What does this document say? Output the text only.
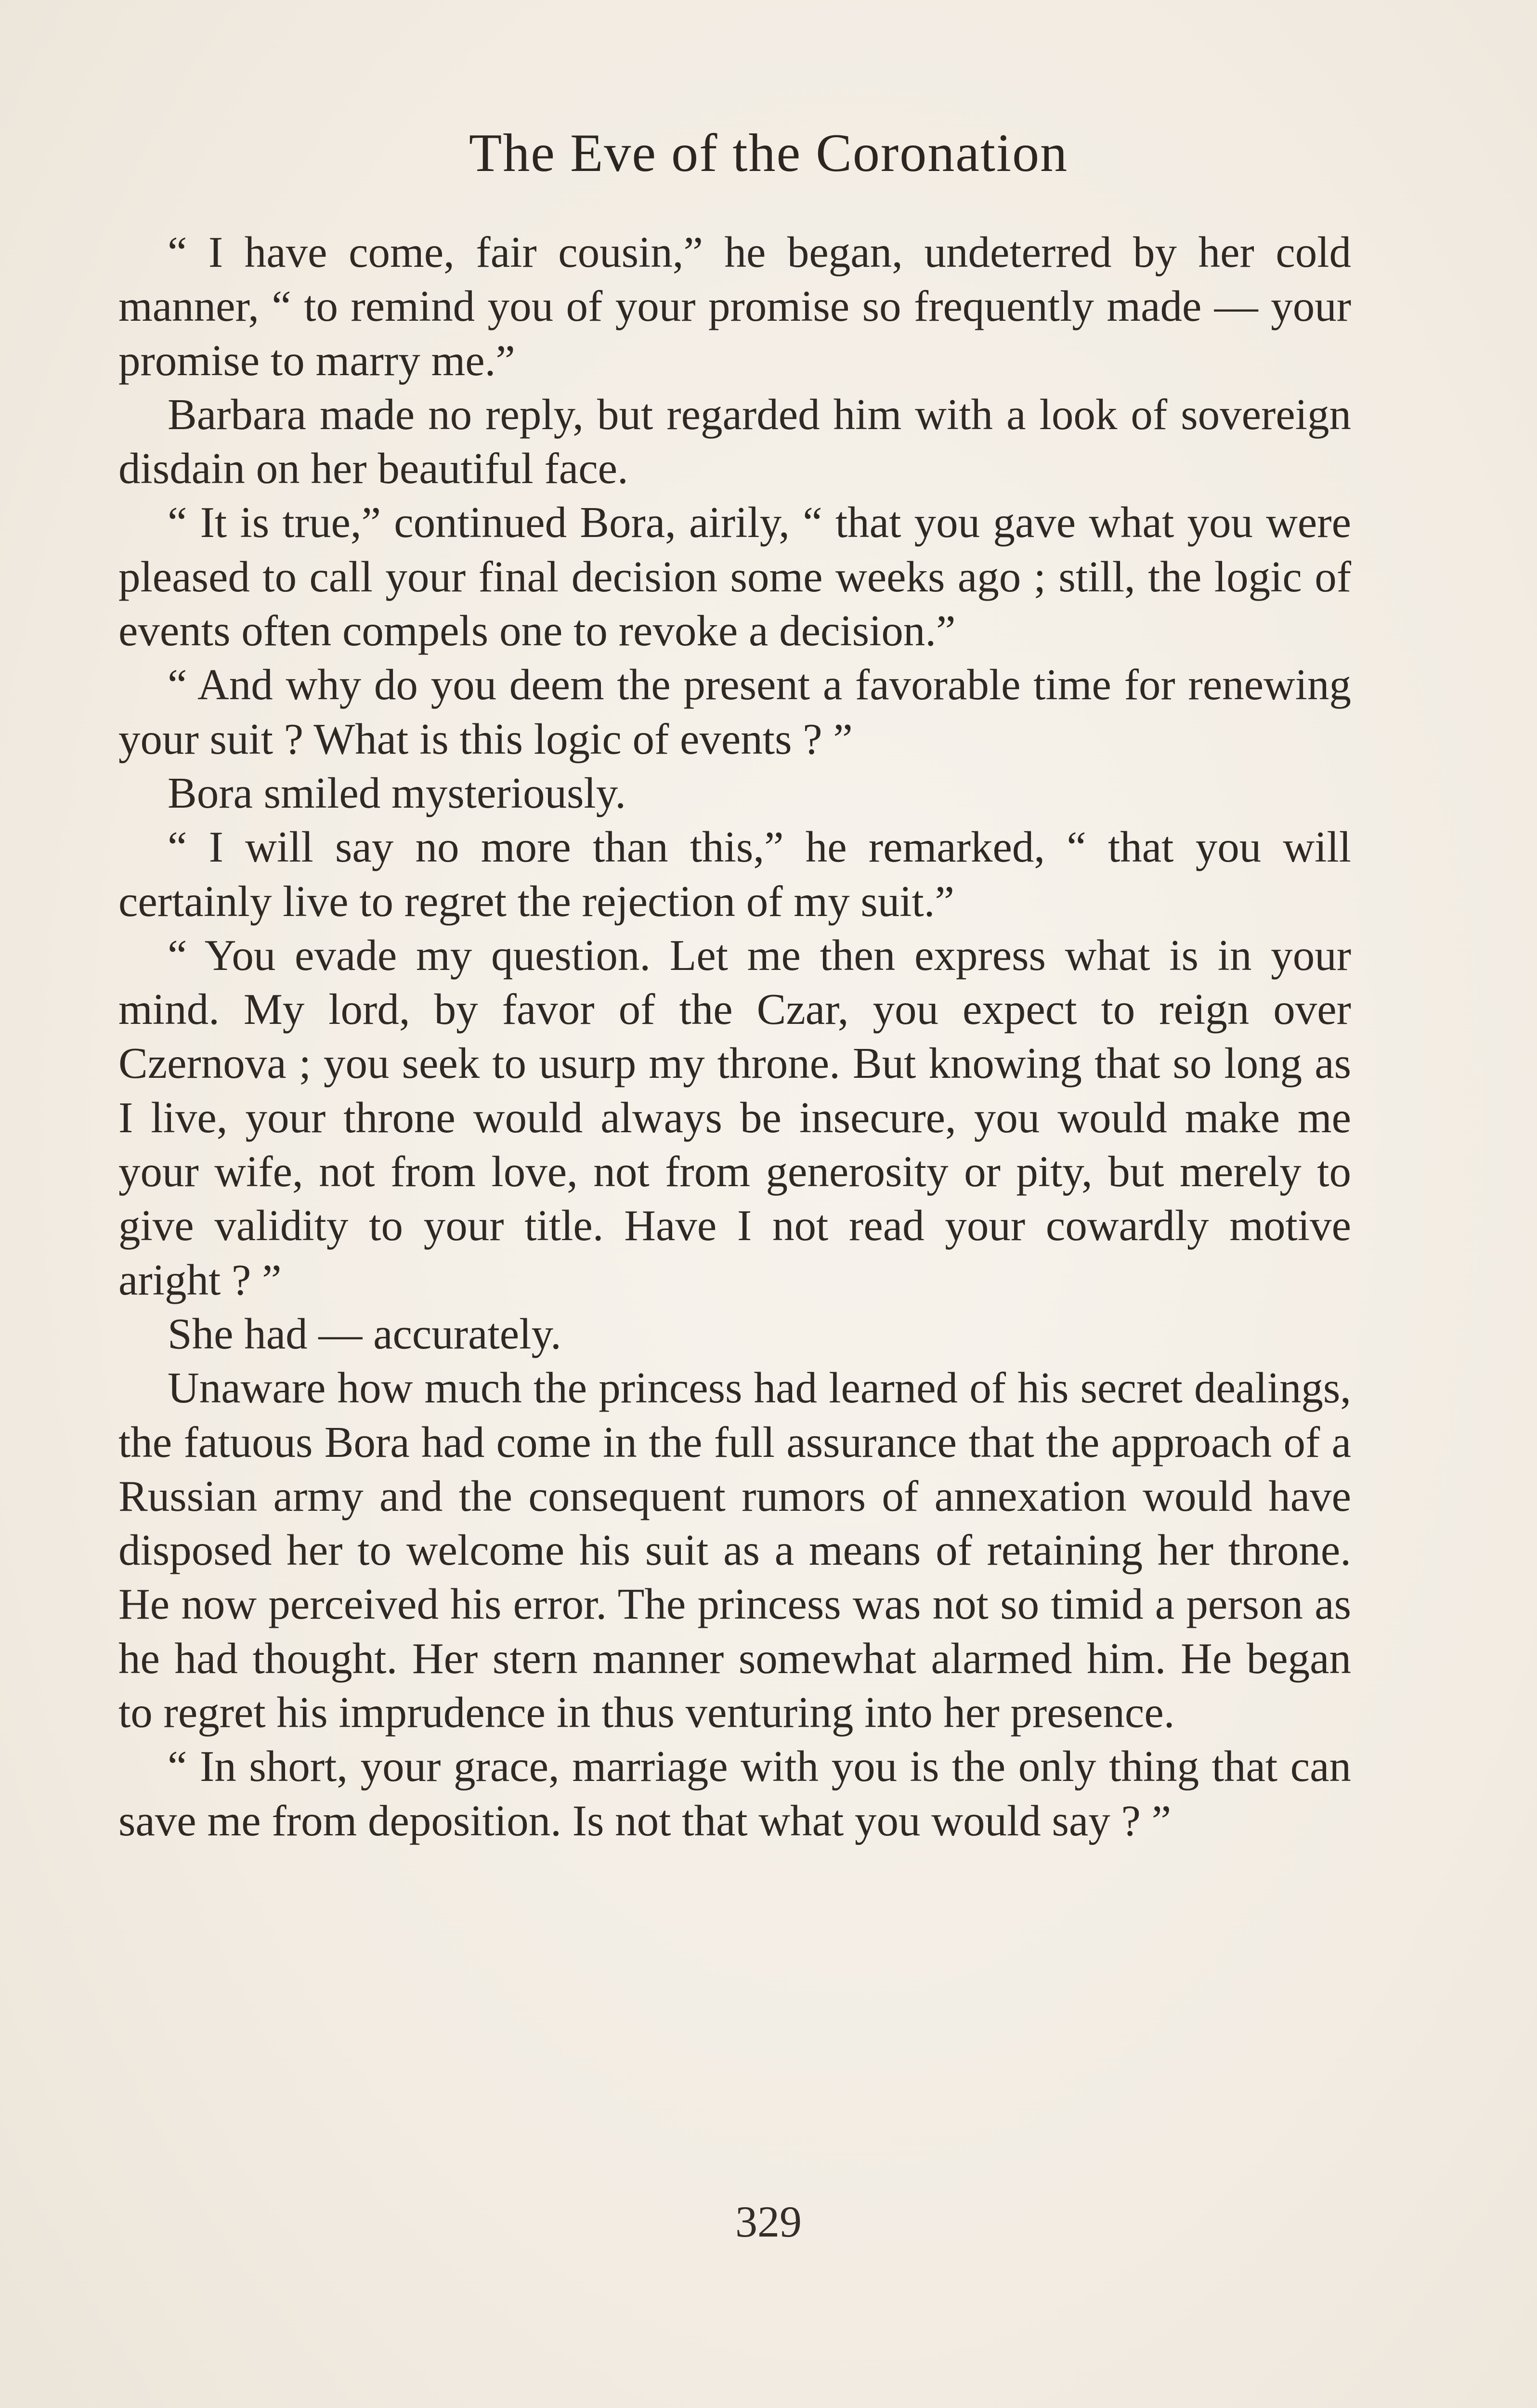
The Eve of the Coronation

“ I have come, fair cousin,” he began, undeterred by her cold manner, “ to remind you of your promise so frequently made — your promise to marry me.”

Barbara made no reply, but regarded him with a look of sovereign disdain on her beautiful face.

“ It is true,” continued Bora, airily, “ that you gave what you were pleased to call your final decision some weeks ago ; still, the logic of events often compels one to revoke a decision.”

“ And why do you deem the present a favorable time for renewing your suit ? What is this logic of events ? ”

Bora smiled mysteriously.

“ I will say no more than this,” he remarked, “ that you will certainly live to regret the rejection of my suit.”

“ You evade my question. Let me then express what is in your mind. My lord, by favor of the Czar, you expect to reign over Czernova ; you seek to usurp my throne. But knowing that so long as I live, your throne would always be insecure, you would make me your wife, not from love, not from generosity or pity, but merely to give validity to your title. Have I not read your cowardly motive aright ? ”

She had — accurately.

Unaware how much the princess had learned of his secret dealings, the fatuous Bora had come in the full assurance that the approach of a Russian army and the consequent rumors of annexation would have disposed her to welcome his suit as a means of retaining her throne. He now perceived his error. The princess was not so timid a person as he had thought. Her stern manner somewhat alarmed him. He began to regret his imprudence in thus venturing into her presence.

“ In short, your grace, marriage with you is the only thing that can save me from deposition. Is not that what you would say ? ”

329
